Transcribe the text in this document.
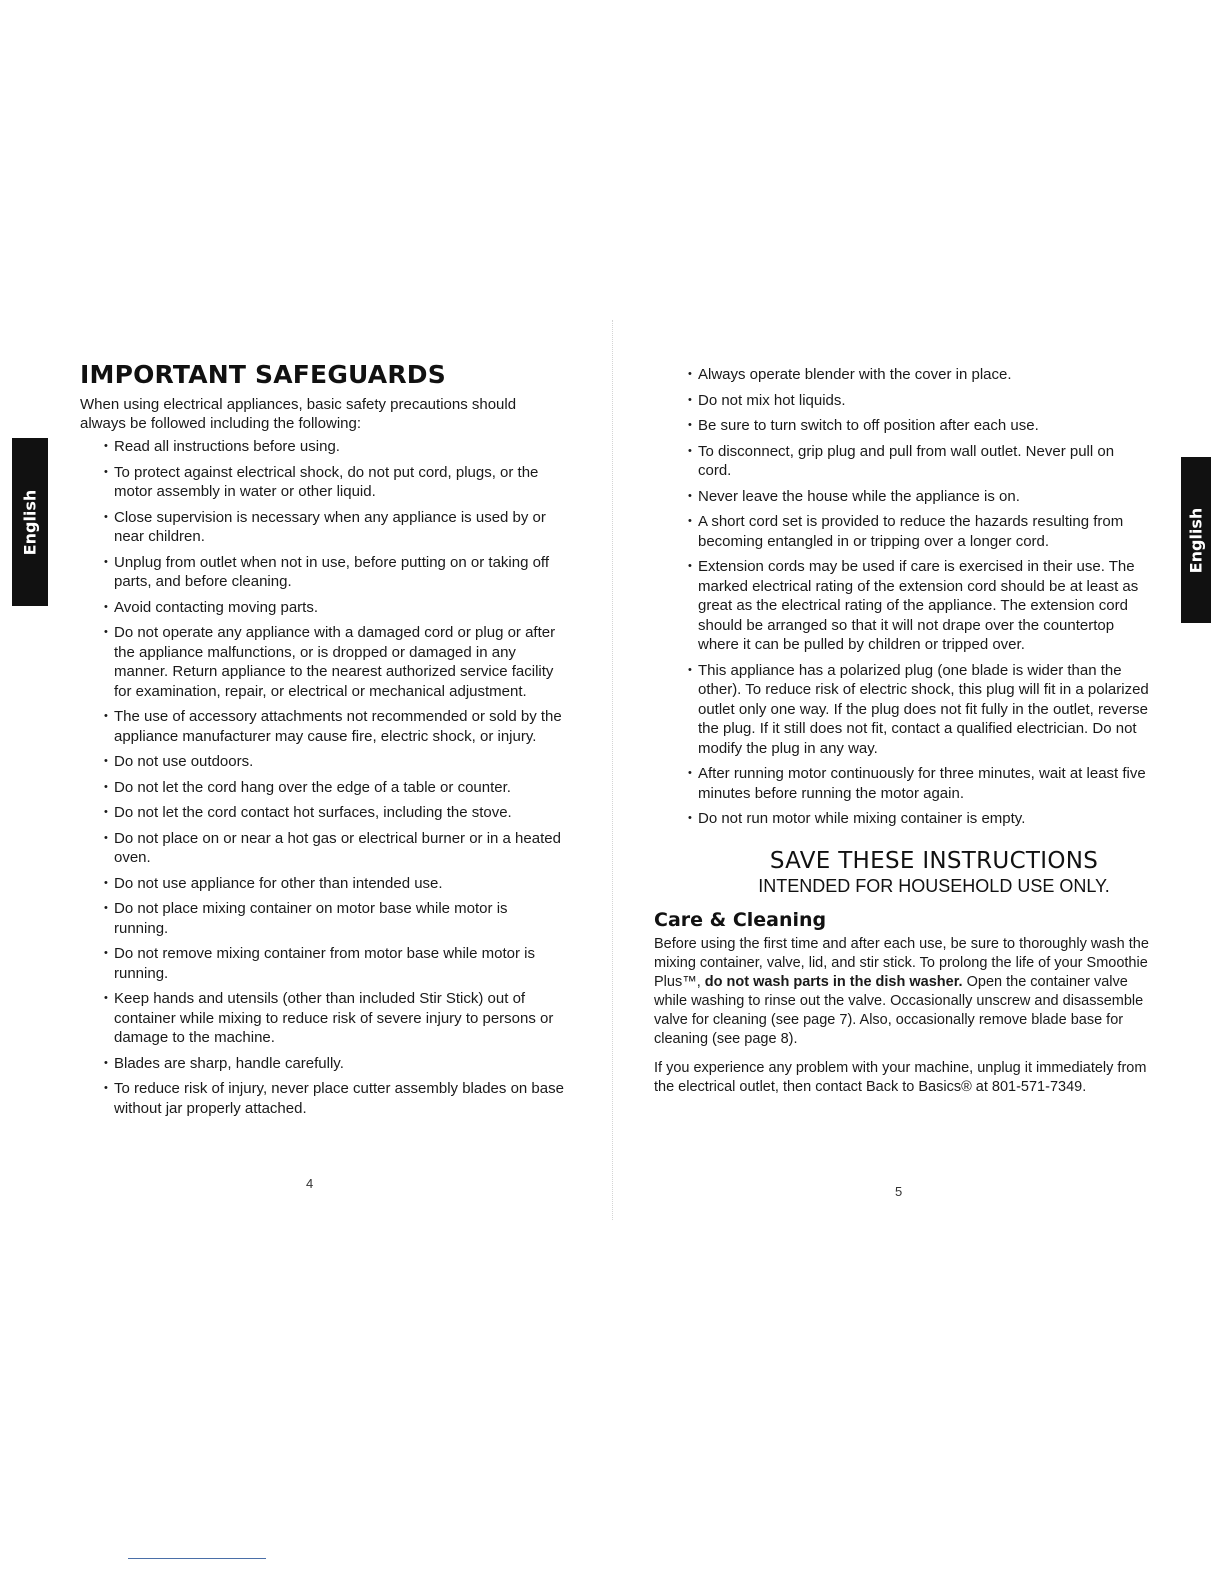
English	English
IMPORTANT SAFEGUARDS

When using electrical appliances, basic safety precautions should always be followed including the following:

• Read all instructions before using.
• To protect against electrical shock, do not put cord, plugs, or the motor assembly in water or other liquid.
• Close supervision is necessary when any appliance is used by or near children.
• Unplug from outlet when not in use, before putting on or taking off parts, and before cleaning.
• Avoid contacting moving parts.
• Do not operate any appliance with a damaged cord or plug or after the appliance malfunctions, or is dropped or damaged in any manner. Return appliance to the nearest authorized service facility for examination, repair, or electrical or mechanical adjustment.
• The use of accessory attachments not recommended or sold by the appliance manufacturer may cause fire, electric shock, or injury.
• Do not use outdoors.
• Do not let the cord hang over the edge of a table or counter.
• Do not let the cord contact hot surfaces, including the stove.
• Do not place on or near a hot gas or electrical burner or in a heated oven.
• Do not use appliance for other than intended use.
• Do not place mixing container on motor base while motor is running.
• Do not remove mixing container from motor base while motor is running.
• Keep hands and utensils (other than included Stir Stick) out of container while mixing to reduce risk of severe injury to persons or damage to the machine.
• Blades are sharp, handle carefully.
• To reduce risk of injury, never place cutter assembly blades on base without jar properly attached.
4
• Always operate blender with the cover in place.
• Do not mix hot liquids.
• Be sure to turn switch to off position after each use.
• To disconnect, grip plug and pull from wall outlet. Never pull on cord.
• Never leave the house while the appliance is on.
• A short cord set is provided to reduce the hazards resulting from becoming entangled in or tripping over a longer cord.
• Extension cords may be used if care is exercised in their use. The marked electrical rating of the extension cord should be at least as great as the electrical rating of the appliance. The extension cord should be arranged so that it will not drape over the countertop where it can be pulled by children or tripped over.
• This appliance has a polarized plug (one blade is wider than the other). To reduce risk of electric shock, this plug will fit in a polarized outlet only one way. If the plug does not fit fully in the outlet, reverse the plug. If it still does not fit, contact a qualified electrician. Do not modify the plug in any way.
• After running motor continuously for three minutes, wait at least five minutes before running the motor again.
• Do not run motor while mixing container is empty.
SAVE THESE INSTRUCTIONS
INTENDED FOR HOUSEHOLD USE ONLY.
Care & Cleaning

Before using the first time and after each use, be sure to thoroughly wash the mixing container, valve, lid, and stir stick. To prolong the life of your Smoothie Plus™, do not wash parts in the dish washer. Open the container valve while washing to rinse out the valve. Occasionally unscrew and disassemble valve for cleaning (see page 7). Also, occasionally remove blade base for cleaning (see page 8).

If you experience any problem with your machine, unplug it immediately from the electrical outlet, then contact Back to Basics® at 801-571-7349.

5
